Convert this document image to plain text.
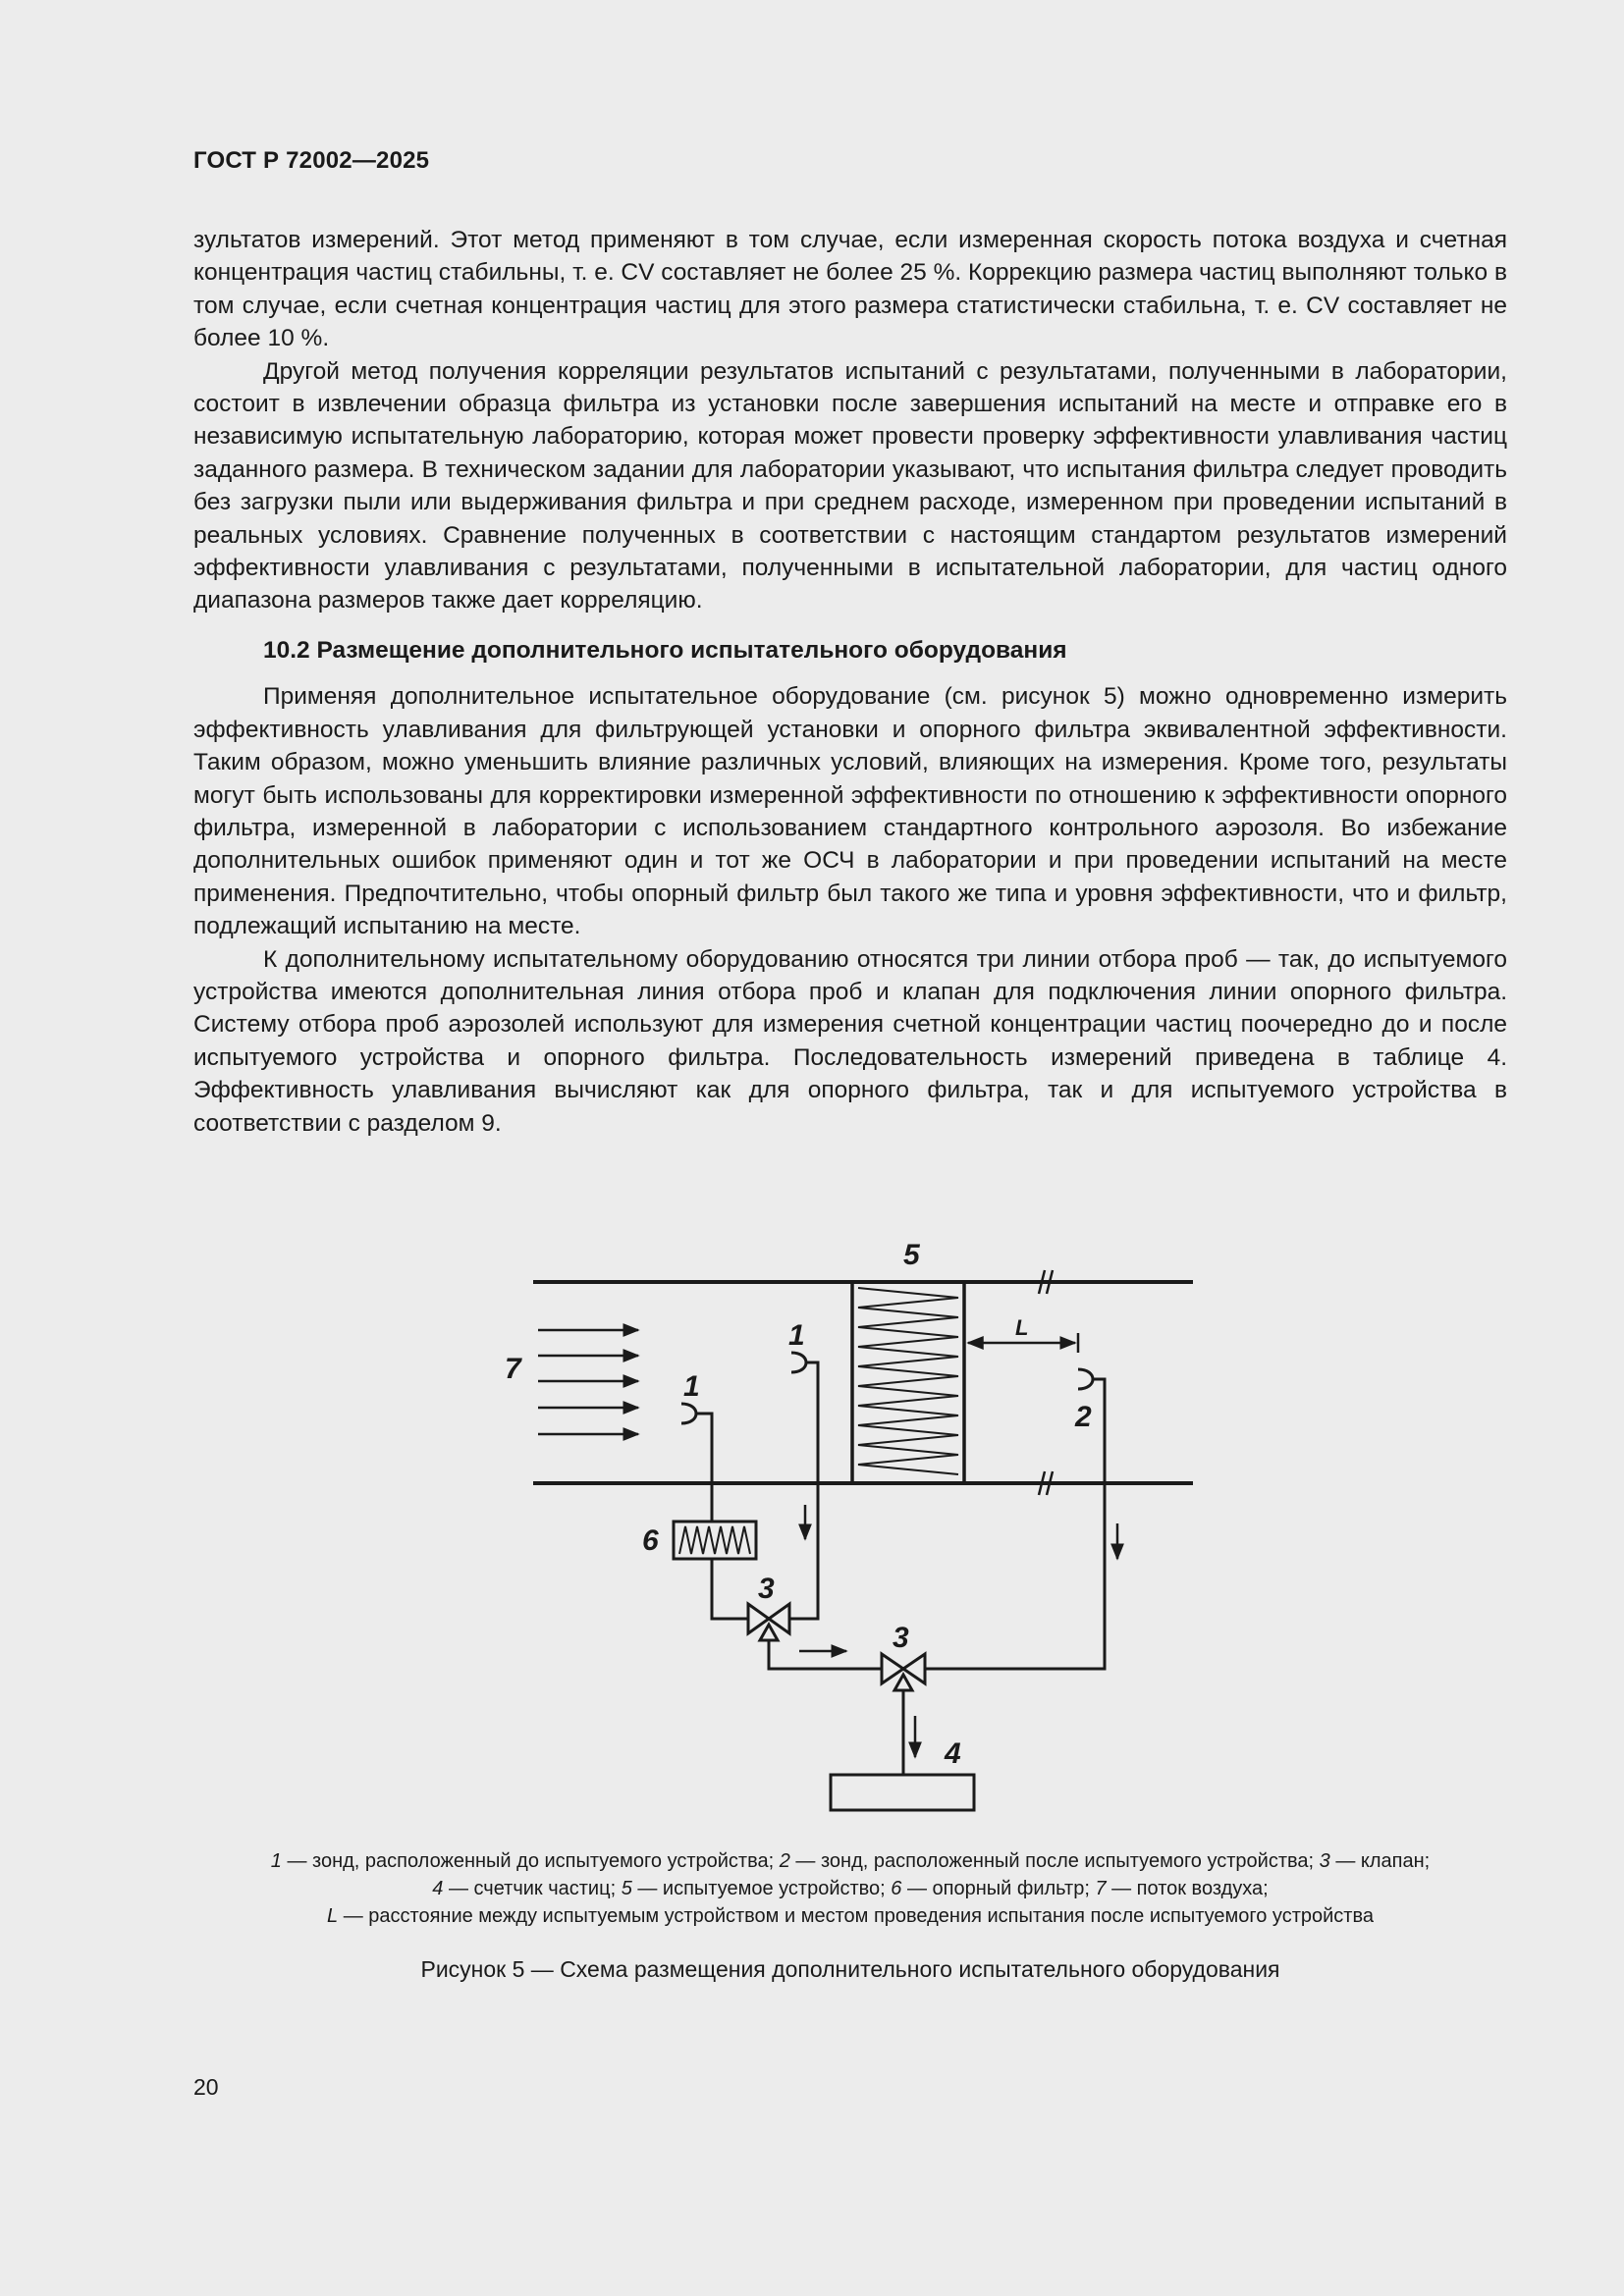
ГОСТ Р 72002—2025

зультатов измерений. Этот метод применяют в том случае, если измеренная скорость потока воздуха и счетная концентрация частиц стабильны, т. е. CV составляет не более 25 %. Коррекцию размера частиц выполняют только в том случае, если счетная концентрация частиц для этого размера статистически стабильна, т. е. CV составляет не более 10 %.

Другой метод получения корреляции результатов испытаний с результатами, полученными в лаборатории, состоит в извлечении образца фильтра из установки после завершения испытаний на месте и отправке его в независимую испытательную лабораторию, которая может провести проверку эффективности улавливания частиц заданного размера. В техническом задании для лаборатории указывают, что испытания фильтра следует проводить без загрузки пыли или выдерживания фильтра и при среднем расходе, измеренном при проведении испытаний в реальных условиях. Сравнение полученных в соответствии с настоящим стандартом результатов измерений эффективности улавливания с результатами, полученными в испытательной лаборатории, для частиц одного диапазона размеров также дает корреляцию.

10.2 Размещение дополнительного испытательного оборудования

Применяя дополнительное испытательное оборудование (см. рисунок 5) можно одновременно измерить эффективность улавливания для фильтрующей установки и опорного фильтра эквивалентной эффективности. Таким образом, можно уменьшить влияние различных условий, влияющих на измерения. Кроме того, результаты могут быть использованы для корректировки измеренной эффективности по отношению к эффективности опорного фильтра, измеренной в лаборатории с использованием стандартного контрольного аэрозоля. Во избежание дополнительных ошибок применяют один и тот же ОСЧ в лаборатории и при проведении испытаний на месте применения. Предпочтительно, чтобы опорный фильтр был такого же типа и уровня эффективности, что и фильтр, подлежащий испытанию на месте.

К дополнительному испытательному оборудованию относятся три линии отбора проб — так, до испытуемого устройства имеются дополнительная линия отбора проб и клапан для подключения линии опорного фильтра. Систему отбора проб аэрозолей используют для измерения счетной концентрации частиц поочередно до и после испытуемого устройства и опорного фильтра. Последовательность измерений приведена в таблице 4. Эффективность улавливания вычисляют как для опорного фильтра, так и для испытуемого устройства в соответствии с разделом 9.

5
7
1
1
2
L
6
3
3
4
1 — зонд, расположенный до испытуемого устройства; 2 — зонд, расположенный после испытуемого устройства; 3 — клапан;
4 — счетчик частиц; 5 — испытуемое устройство; 6 — опорный фильтр; 7 — поток воздуха;
L — расстояние между испытуемым устройством и местом проведения испытания после испытуемого устройства
Рисунок 5 — Схема размещения дополнительного испытательного оборудования
20
